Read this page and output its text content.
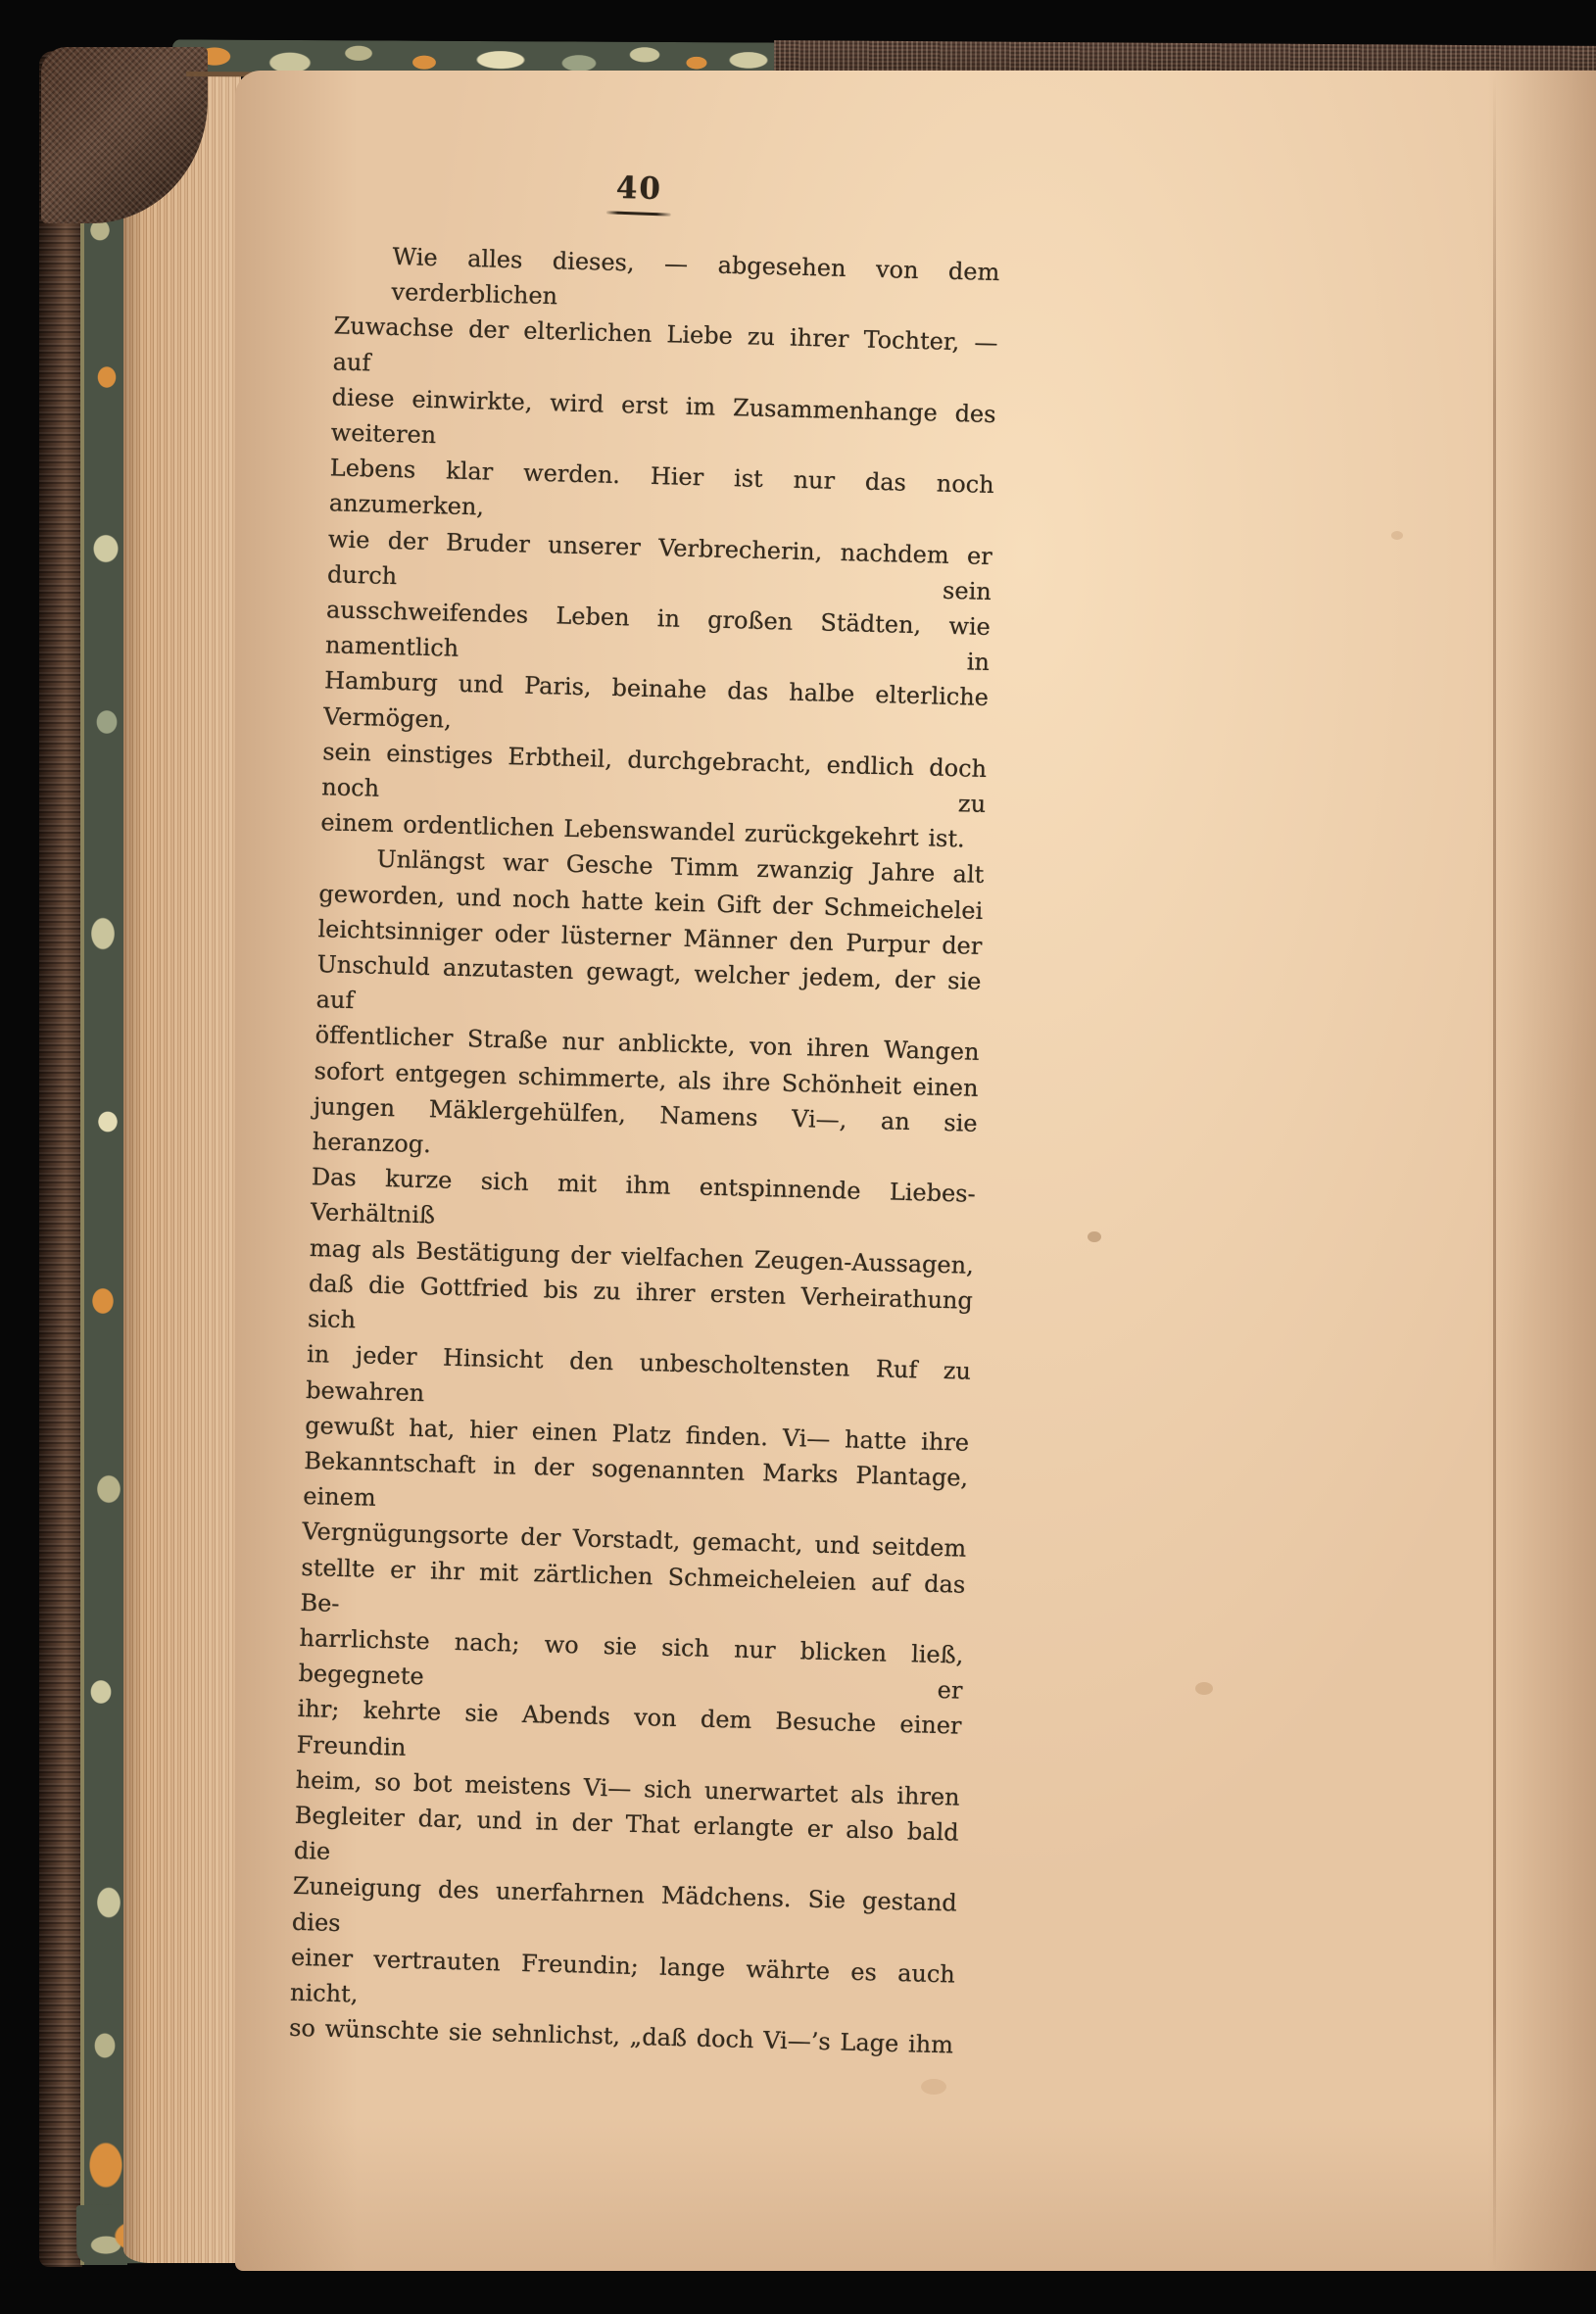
40
Wie alles dieses, — abgesehen von dem verderblichen
Zuwachse der elterlichen Liebe zu ihrer Tochter, — auf
diese einwirkte, wird erst im Zusammenhange des weiteren
Lebens klar werden. Hier ist nur das noch anzumerken,
wie der Bruder unserer Verbrecherin, nachdem er durch sein
ausschweifendes Leben in großen Städten, wie namentlich in
Hamburg und Paris, beinahe das halbe elterliche Vermögen,
sein einstiges Erbtheil, durchgebracht, endlich doch noch zu
einem ordentlichen Lebenswandel zurückgekehrt ist.
Unlängst war Gesche Timm zwanzig Jahre alt
geworden, und noch hatte kein Gift der Schmeichelei
leichtsinniger oder lüsterner Männer den Purpur der
Unschuld anzutasten gewagt, welcher jedem, der sie auf
öffentlicher Straße nur anblickte, von ihren Wangen
sofort entgegen schimmerte, als ihre Schönheit einen
jungen Mäklergehülfen, Namens Vi—, an sie heranzog.
Das kurze sich mit ihm entspinnende Liebes-Verhältniß
mag als Bestätigung der vielfachen Zeugen-Aussagen,
daß die Gottfried bis zu ihrer ersten Verheirathung sich
in jeder Hinsicht den unbescholtensten Ruf zu bewahren
gewußt hat, hier einen Platz finden. Vi— hatte ihre
Bekanntschaft in der sogenannten Marks Plantage, einem
Vergnügungsorte der Vorstadt, gemacht, und seitdem
stellte er ihr mit zärtlichen Schmeicheleien auf das Be-
harrlichste nach; wo sie sich nur blicken ließ, begegnete er
ihr; kehrte sie Abends von dem Besuche einer Freundin
heim, so bot meistens Vi— sich unerwartet als ihren
Begleiter dar, und in der That erlangte er also bald die
Zuneigung des unerfahrnen Mädchens. Sie gestand dies
einer vertrauten Freundin; lange währte es auch nicht,
so wünschte sie sehnlichst, „daß doch Vi—’s Lage ihm
